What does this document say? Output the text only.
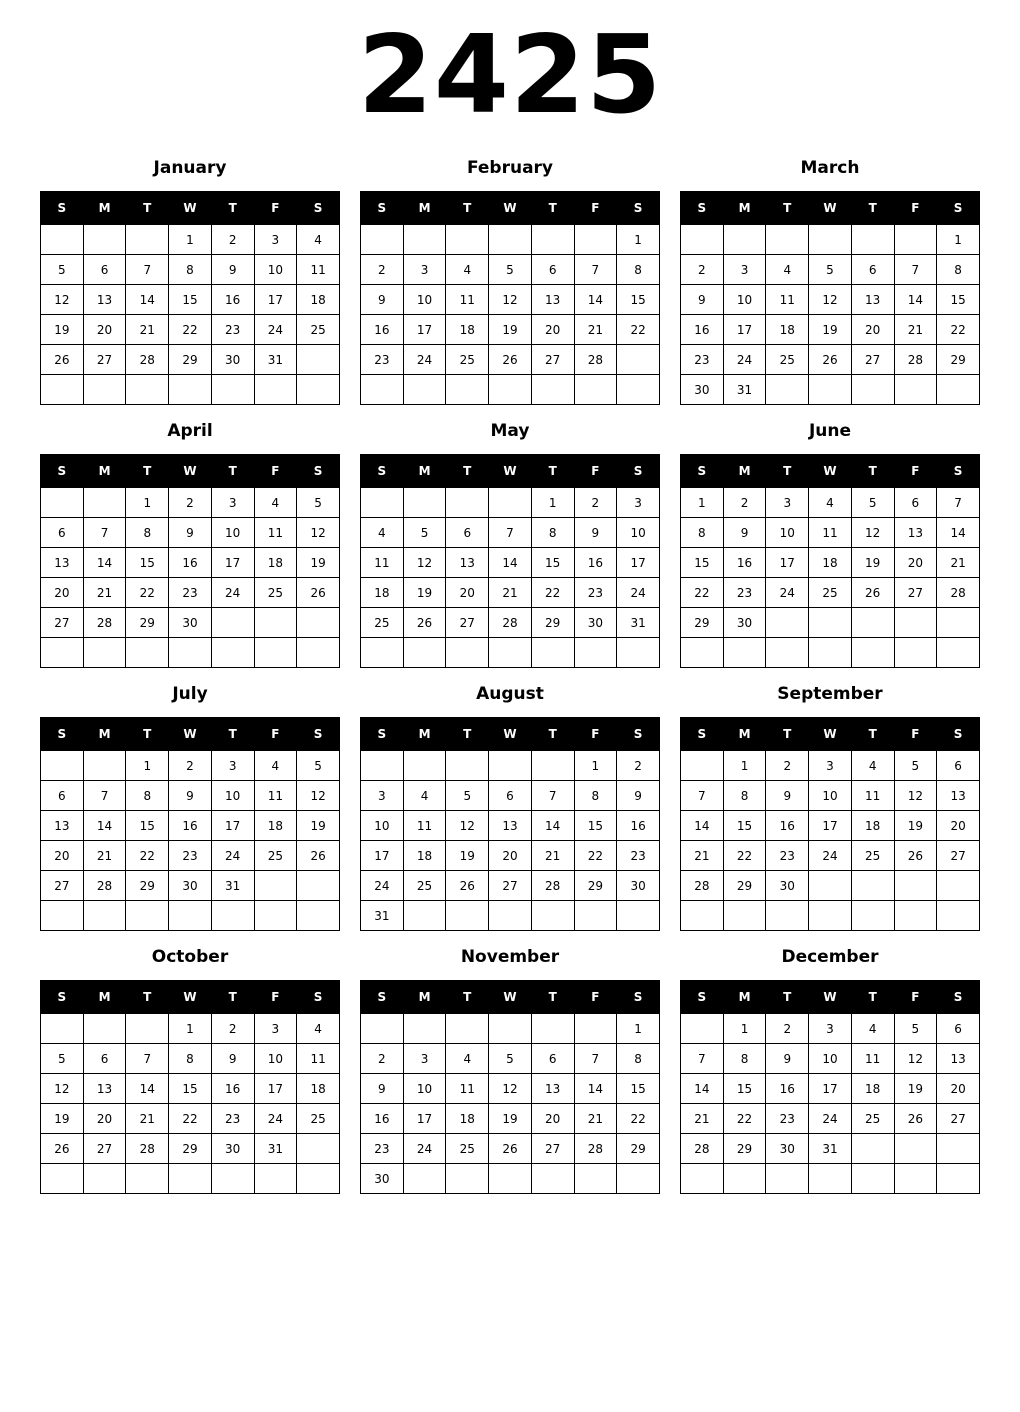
2425
January
S	M	T	W	T	F	S
			1	2	3	4
5	6	7	8	9	10	11
12	13	14	15	16	17	18
19	20	21	22	23	24	25
26	27	28	29	30	31	

February
S	M	T	W	T	F	S
						1
2	3	4	5	6	7	8
9	10	11	12	13	14	15
16	17	18	19	20	21	22
23	24	25	26	27	28	

March
S	M	T	W	T	F	S
						1
2	3	4	5	6	7	8
9	10	11	12	13	14	15
16	17	18	19	20	21	22
23	24	25	26	27	28	29
30	31					
April
S	M	T	W	T	F	S
		1	2	3	4	5
6	7	8	9	10	11	12
13	14	15	16	17	18	19
20	21	22	23	24	25	26
27	28	29	30			

May
S	M	T	W	T	F	S
				1	2	3
4	5	6	7	8	9	10
11	12	13	14	15	16	17
18	19	20	21	22	23	24
25	26	27	28	29	30	31

June
S	M	T	W	T	F	S
1	2	3	4	5	6	7
8	9	10	11	12	13	14
15	16	17	18	19	20	21
22	23	24	25	26	27	28
29	30					

July
S	M	T	W	T	F	S
		1	2	3	4	5
6	7	8	9	10	11	12
13	14	15	16	17	18	19
20	21	22	23	24	25	26
27	28	29	30	31		

August
S	M	T	W	T	F	S
					1	2
3	4	5	6	7	8	9
10	11	12	13	14	15	16
17	18	19	20	21	22	23
24	25	26	27	28	29	30
31						
September
S	M	T	W	T	F	S
	1	2	3	4	5	6
7	8	9	10	11	12	13
14	15	16	17	18	19	20
21	22	23	24	25	26	27
28	29	30				

October
S	M	T	W	T	F	S
			1	2	3	4
5	6	7	8	9	10	11
12	13	14	15	16	17	18
19	20	21	22	23	24	25
26	27	28	29	30	31	

November
S	M	T	W	T	F	S
						1
2	3	4	5	6	7	8
9	10	11	12	13	14	15
16	17	18	19	20	21	22
23	24	25	26	27	28	29
30						
December
S	M	T	W	T	F	S
	1	2	3	4	5	6
7	8	9	10	11	12	13
14	15	16	17	18	19	20
21	22	23	24	25	26	27
28	29	30	31			
